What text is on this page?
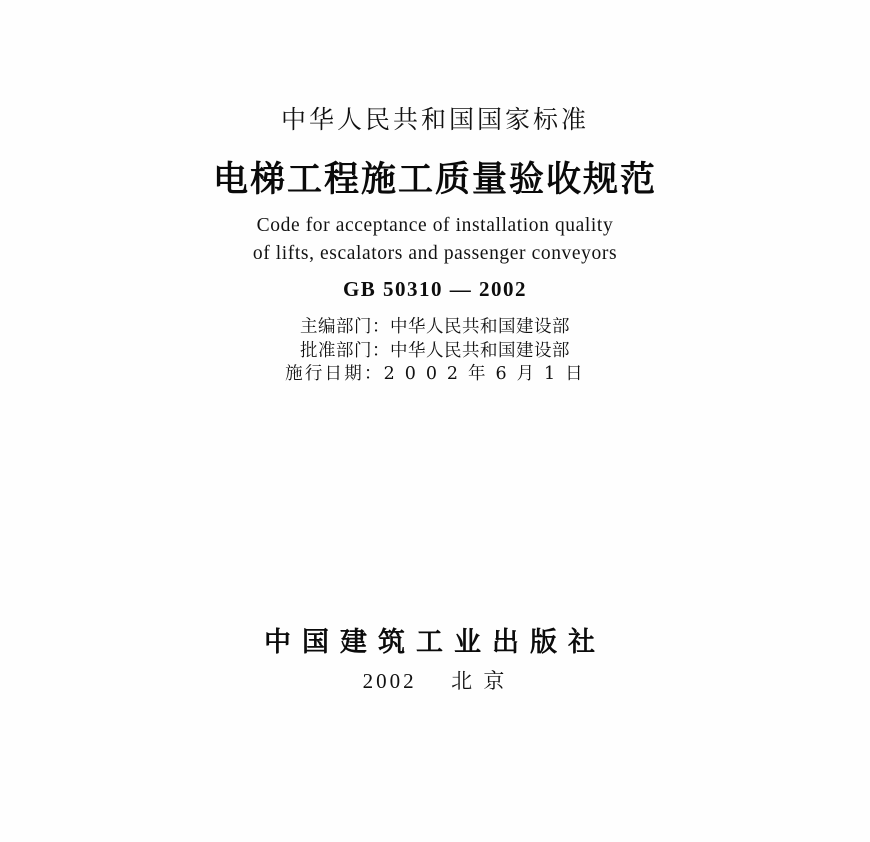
中华人民共和国国家标准
电梯工程施工质量验收规范
Code for acceptance of installation quality
of lifts, escalators and passenger conveyors
GB 50310 — 2002
主编部门：中华人民共和国建设部
批准部门：中华人民共和国建设部
施行日期：2 0 0 2 年 6 月 1 日
中国建筑工业出版社
2002 北 京
